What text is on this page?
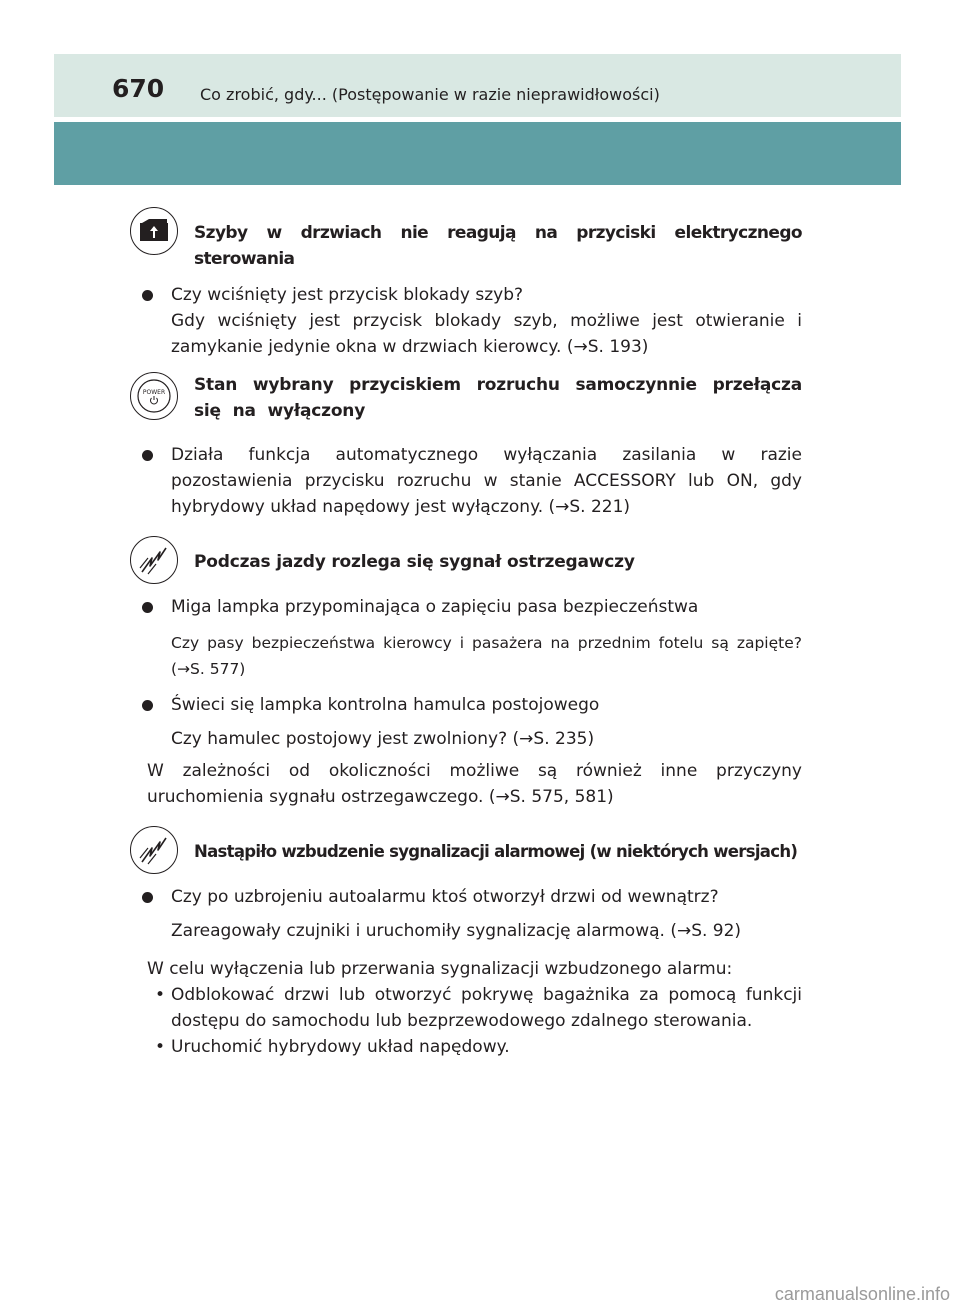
670 Co zrobić, gdy... (Postępowanie w razie nieprawidłowości)
Szyby w drzwiach nie reagują na przyciski elektrycznego sterowania
Czy wciśnięty jest przycisk blokady szyb?
Gdy wciśnięty jest przycisk blokady szyb, możliwe jest otwieranie i zamykanie jedynie okna w drzwiach kierowcy. (→S. 193)
POWER Stan wybrany przyciskiem rozruchu samoczynnie przełącza się na wyłączony
Działa funkcja automatycznego wyłączania zasilania w razie pozostawienia przycisku rozruchu w stanie ACCESSORY lub ON, gdy hybrydowy układ napędowy jest wyłączony. (→S. 221)
Podczas jazdy rozlega się sygnał ostrzegawczy
Miga lampka przypominająca o zapięciu pasa bezpieczeństwa
Czy pasy bezpieczeństwa kierowcy i pasażera na przednim fotelu są zapięte? (→S. 577)
Świeci się lampka kontrolna hamulca postojowego
Czy hamulec postojowy jest zwolniony? (→S. 235)
W zależności od okoliczności możliwe są również inne przyczyny uruchomienia sygnału ostrzegawczego. (→S. 575, 581)
Nastąpiło wzbudzenie sygnalizacji alarmowej (w niektórych wersjach)
Czy po uzbrojeniu autoalarmu ktoś otworzył drzwi od wewnątrz?
Zareagowały czujniki i uruchomiły sygnalizację alarmową. (→S. 92)
W celu wyłączenia lub przerwania sygnalizacji wzbudzonego alarmu:
• Odblokować drzwi lub otworzyć pokrywę bagażnika za pomocą funkcji dostępu do samochodu lub bezprzewodowego zdalnego sterowania.
• Uruchomić hybrydowy układ napędowy.
carmanualsonline.info
